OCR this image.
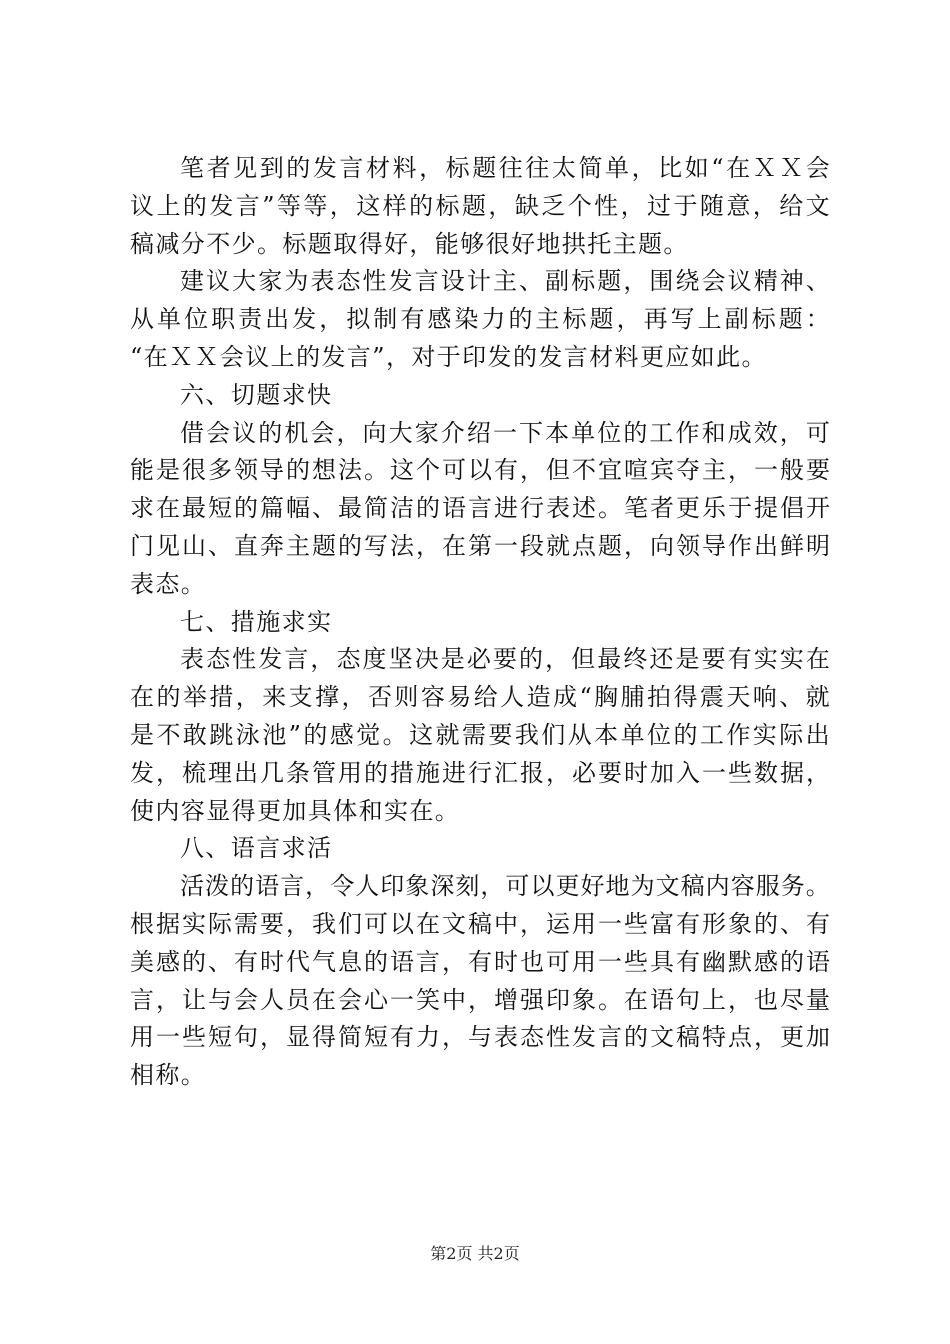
笔 者 见 到 的 发 言 材 料 ， 标 题 往 往 太 简 单 ， 比 如 “ 在 Ｘ Ｘ 会
议 上 的 发 言 ” 等 等 ， 这 样 的 标 题 ， 缺 乏 个 性 ， 过 于 随 意 ， 给 文
稿减分不少。标题取得好，能够很好地拱托主题。
建 议 大 家 为 表 态 性 发 言 设 计 主 、 副 标 题 ， 围 绕 会 议 精 神 、
从 单 位 职 责 出 发 ， 拟 制 有 感 染 力 的 主 标 题 ， 再 写 上 副 标 题 ：
“在ＸＸ会议上的发言”，对于印发的发言材料更应如此。
六、切题求快
借 会 议 的 机 会 ， 向 大 家 介 绍 一 下 本 单 位 的 工 作 和 成 效 ， 可
能 是 很 多 领 导 的 想 法 。 这 个 可 以 有 ， 但 不 宜 喧 宾 夺 主 ， 一 般 要
求 在 最 短 的 篇 幅 、 最 简 洁 的 语 言 进 行 表 述 。 笔 者 更 乐 于 提 倡 开
门 见 山 、 直 奔 主 题 的 写 法 ， 在 第 一 段 就 点 题 ， 向 领 导 作 出 鲜 明
表态。
七、措施求实
表 态 性 发 言 ， 态 度 坚 决 是 必 要 的 ， 但 最 终 还 是 要 有 实 实 在
在 的 举 措 ， 来 支 撑 ， 否 则 容 易 给 人 造 成 “ 胸 脯 拍 得 震 天 响 、 就
是 不 敢 跳 泳 池 ” 的 感 觉 。 这 就 需 要 我 们 从 本 单 位 的 工 作 实 际 出
发 ， 梳 理 出 几 条 管 用 的 措 施 进 行 汇 报 ， 必 要 时 加 入 一 些 数 据 ，
使内容显得更加具体和实在。
八、语言求活
活 泼 的 语 言 ， 令 人 印 象 深 刻 ， 可 以 更 好 地 为 文 稿 内 容 服 务 。
根 据 实 际 需 要 ， 我 们 可 以 在 文 稿 中 ， 运 用 一 些 富 有 形 象 的 、 有
美 感 的 、 有 时 代 气 息 的 语 言 ， 有 时 也 可 用 一 些 具 有 幽 默 感 的 语
言 ， 让 与 会 人 员 在 会 心 一 笑 中 ， 增 强 印 象 。 在 语 句 上 ， 也 尽 量
用 一 些 短 句 ， 显 得 简 短 有 力 ， 与 表 态 性 发 言 的 文 稿 特 点 ， 更 加
相称。
第2页 共2页
